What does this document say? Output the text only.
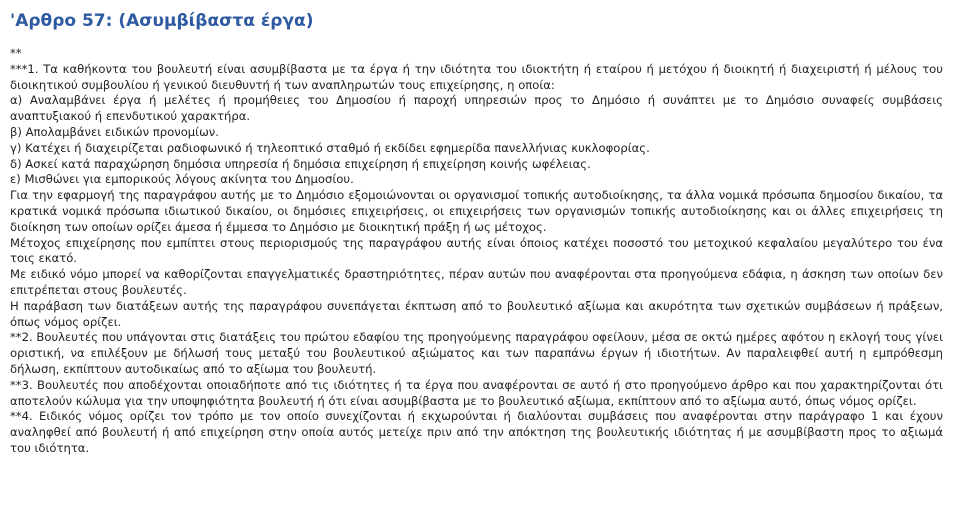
'Αρθρο 57: (Ασυμβίβαστα έργα)
**
***1. Τα καθήκοντα του βουλευτή είναι ασυμβίβαστα με τα έργα ή την ιδιότητα του ιδιοκτήτη ή εταίρου ή μετόχου ή διοικητή ή διαχειριστή ή μέλους του διοικητικού συμβουλίου ή γενικού διευθυντή ή των αναπληρωτών τους επιχείρησης, η οποία:
α) Αναλαμβάνει έργα ή μελέτες ή προμήθειες του Δημοσίου ή παροχή υπηρεσιών προς το Δημόσιο ή συνάπτει με το Δημόσιο συναφείς συμβάσεις αναπτυξιακού ή επενδυτικού χαρακτήρα.
β) Απολαμβάνει ειδικών προνομίων.
γ) Κατέχει ή διαχειρίζεται ραδιοφωνικό ή τηλεοπτικό σταθμό ή εκδίδει εφημερίδα πανελλήνιας κυκλοφορίας.
δ) Ασκεί κατά παραχώρηση δημόσια υπηρεσία ή δημόσια επιχείρηση ή επιχείρηση κοινής ωφέλειας.
ε) Μισθώνει για εμπορικούς λόγους ακίνητα του Δημοσίου.
Για την εφαρμογή της παραγράφου αυτής με το Δημόσιο εξομοιώνονται οι οργανισμοί τοπικής αυτοδιοίκησης, τα άλλα νομικά πρόσωπα δημοσίου δικαίου, τα κρατικά νομικά πρόσωπα ιδιωτικού δικαίου, οι δημόσιες επιχειρήσεις, οι επιχειρήσεις των οργανισμών τοπικής αυτοδιοίκησης και οι άλλες επιχειρήσεις τη διοίκηση των οποίων ορίζει άμεσα ή έμμεσα το Δημόσιο με διοικητική πράξη ή ως μέτοχος.
Μέτοχος επιχείρησης που εμπίπτει στους περιορισμούς της παραγράφου αυτής είναι όποιος κατέχει ποσοστό του μετοχικού κεφαλαίου μεγαλύτερο του ένα τοις εκατό.
Με ειδικό νόμο μπορεί να καθορίζονται επαγγελματικές δραστηριότητες, πέραν αυτών που αναφέρονται στα προηγούμενα εδάφια, η άσκηση των οποίων δεν επιτρέπεται στους βουλευτές.
Η παράβαση των διατάξεων αυτής της παραγράφου συνεπάγεται έκπτωση από το βουλευτικό αξίωμα και ακυρότητα των σχετικών συμβάσεων ή πράξεων, όπως νόμος ορίζει.
**2. Βουλευτές που υπάγονται στις διατάξεις του πρώτου εδαφίου της προηγούμενης παραγράφου οφείλουν, μέσα σε οκτώ ημέρες αφότου η εκλογή τους γίνει οριστική, να επιλέξουν με δήλωσή τους μεταξύ του βουλευτικού αξιώματος και των παραπάνω έργων ή ιδιοτήτων. Αν παραλειφθεί αυτή η εμπρόθεσμη δήλωση, εκπίπτουν αυτοδικαίως από το αξίωμα του βουλευτή.
**3. Βουλευτές που αποδέχονται οποιαδήποτε από τις ιδιότητες ή τα έργα που αναφέρονται σε αυτό ή στο προηγούμενο άρθρο και που χαρακτηρίζονται ότι αποτελούν κώλυμα για την υποψηφιότητα βουλευτή ή ότι είναι ασυμβίβαστα με το βουλευτικό αξίωμα, εκπίπτουν από το αξίωμα αυτό, όπως νόμος ορίζει.
**4. Ειδικός νόμος ορίζει τον τρόπο με τον οποίο συνεχίζονται ή εκχωρούνται ή διαλύονται συμβάσεις που αναφέρονται στην παράγραφο 1 και έχουν αναληφθεί από βουλευτή ή από επιχείρηση στην οποία αυτός μετείχε πριν από την απόκτηση της βουλευτικής ιδιότητας ή με ασυμβίβαστη προς το αξιωμά του ιδιότητα.
